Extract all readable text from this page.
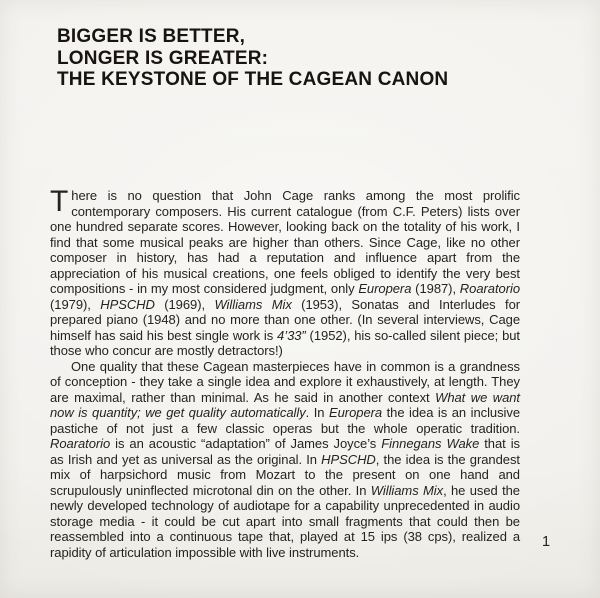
BIGGER IS BETTER,
LONGER IS GREATER:
THE KEYSTONE OF THE CAGEAN CANON

There is no question that John Cage ranks among the most prolific contemporary composers. His current catalogue (from C.F. Peters) lists over one hundred separate scores. However, looking back on the totality of his work, I find that some musical peaks are higher than others. Since Cage, like no other composer in history, has had a reputation and influence apart from the appreciation of his musical creations, one feels obliged to identify the very best compositions - in my most considered judgment, only Europera (1987), Roaratorio (1979), HPSCHD (1969), Williams Mix (1953), Sonatas and Interludes for prepared piano (1948) and no more than one other. (In several interviews, Cage himself has said his best single work is 4’33” (1952), his so-called silent piece; but those who concur are mostly detractors!)

One quality that these Cagean masterpieces have in common is a grandness of conception - they take a single idea and explore it exhaustively, at length. They are maximal, rather than minimal. As he said in another context What we want now is quantity; we get quality automatically. In Europera the idea is an inclusive pastiche of not just a few classic operas but the whole operatic tradition. Roaratorio is an acoustic “adaptation” of James Joyce’s Finnegans Wake that is as Irish and yet as universal as the original. In HPSCHD, the idea is the grandest mix of harpsichord music from Mozart to the present on one hand and scrupulously uninflected microtonal din on the other. In Williams Mix, he used the newly developed technology of audiotape for a capability unprecedented in audio storage media - it could be cut apart into small fragments that could then be reassembled into a continuous tape that, played at 15 ips (38 cps), realized a rapidity of articulation impossible with live instruments.

1
